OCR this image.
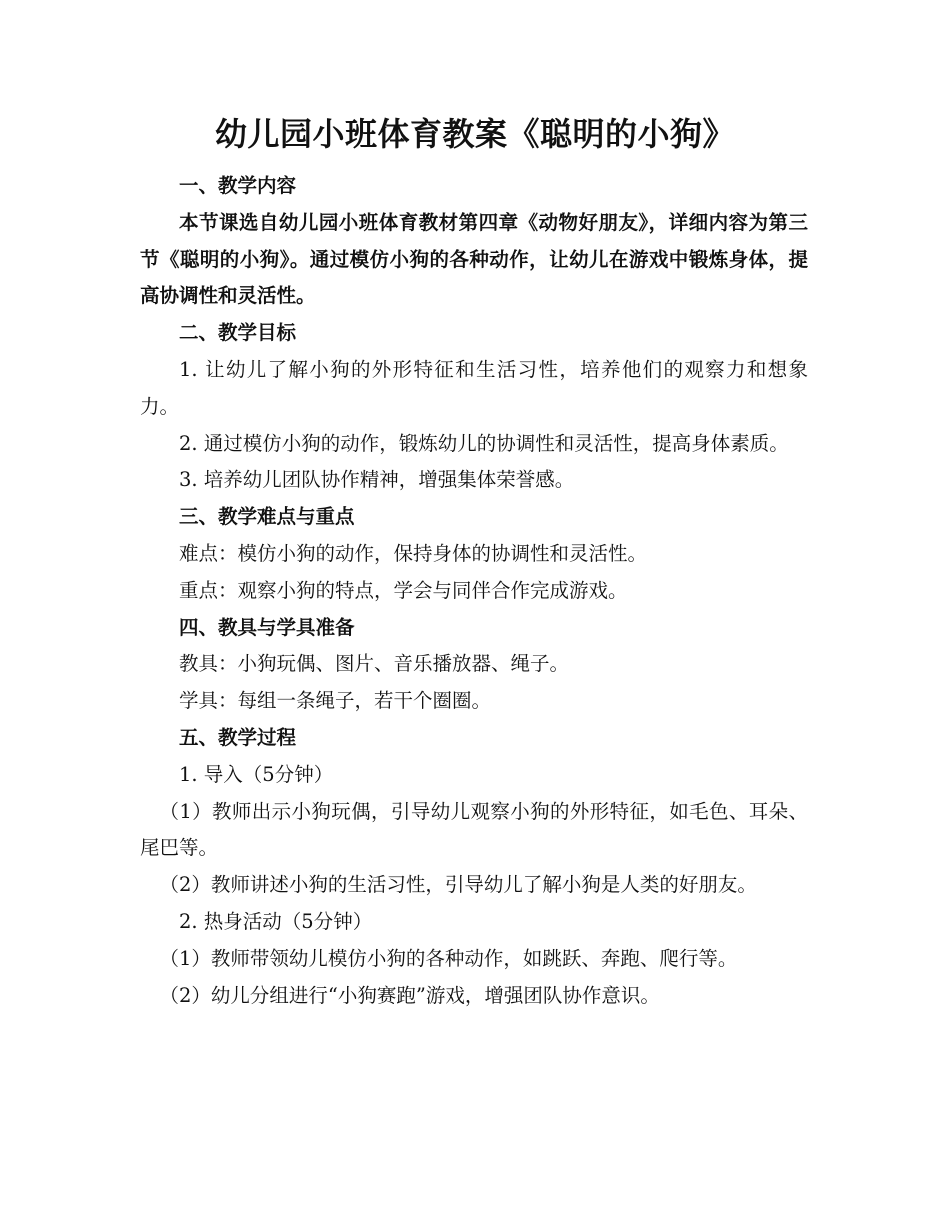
幼儿园小班体育教案《聪明的小狗》

一、教学内容

本节课选自幼儿园小班体育教材第四章《动物好朋友》，详细内容为第三节《聪明的小狗》。通过模仿小狗的各种动作，让幼儿在游戏中锻炼身体，提高协调性和灵活性。

二、教学目标

1. 让幼儿了解小狗的外形特征和生活习性，培养他们的观察力和想象力。

2. 通过模仿小狗的动作，锻炼幼儿的协调性和灵活性，提高身体素质。

3. 培养幼儿团队协作精神，增强集体荣誉感。

三、教学难点与重点

难点：模仿小狗的动作，保持身体的协调性和灵活性。

重点：观察小狗的特点，学会与同伴合作完成游戏。

四、教具与学具准备

教具：小狗玩偶、图片、音乐播放器、绳子。

学具：每组一条绳子，若干个圈圈。

五、教学过程

1. 导入（5分钟）

（1）教师出示小狗玩偶，引导幼儿观察小狗的外形特征，如毛色、耳朵、尾巴等。

（2）教师讲述小狗的生活习性，引导幼儿了解小狗是人类的好朋友。

2. 热身活动（5分钟）

（1）教师带领幼儿模仿小狗的各种动作，如跳跃、奔跑、爬行等。

（2）幼儿分组进行“小狗赛跑”游戏，增强团队协作意识。
